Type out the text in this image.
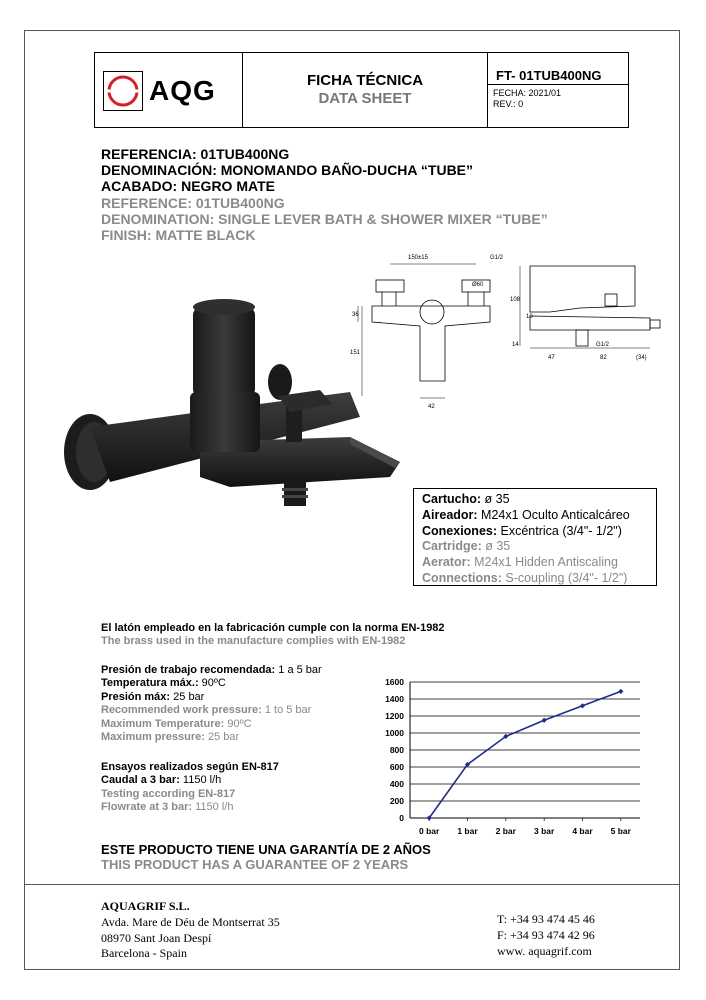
AQG	FICHA TÉCNICA
DATA SHEET
FT- 01TUB400NG
FECHA: 2021/01
REV.: 0
REFERENCIA: 01TUB400NG
DENOMINACIÓN: MONOMANDO BAÑO-DUCHA “TUBE”
ACABADO: NEGRO MATE
REFERENCE: 01TUB400NG
DENOMINATION: SINGLE LEVER BATH & SHOWER MIXER “TUBE”
FINISH: MATTE BLACK
150±15	G1/2
Ø60
36
151
42
108
10
14
47
G1/2
82	(34)
Cartucho: ø 35
Aireador: M24x1 Oculto Anticalcáreo
Conexiones: Excéntrica (3/4"- 1/2")
Cartridge: ø 35
Aerator: M24x1 Hidden Antiscaling
Connections: S-coupling (3/4"- 1/2")
El latón empleado en la fabricación cumple con la norma EN-1982
The brass used in the manufacture complies with EN-1982
Presión de trabajo recomendada: 1 a 5 bar
Temperatura máx.: 90ºC
Presión máx: 25 bar
Recommended work pressure: 1 to 5 bar
Maximum Temperature: 90ºC
Maximum pressure: 25 bar
Ensayos realizados según EN-817
Caudal a 3 bar: 1150 l/h
Testing according EN-817
Flowrate at 3 bar: 1150 l/h
0
200
400
600
800
1000
1200
1400
1600
0 bar 1 bar 2 bar 3 bar 4 bar 5 bar
ESTE PRODUCTO TIENE UNA GARANTÍA DE 2 AÑOS
THIS PRODUCT HAS A GUARANTEE OF 2 YEARS
AQUAGRIF S.L.
Avda. Mare de Déu de Montserrat 35
08970 Sant Joan Despí
Barcelona - Spain
T: +34 93 474 45 46
F: +34 93 474 42 96
www. aquagrif.com
